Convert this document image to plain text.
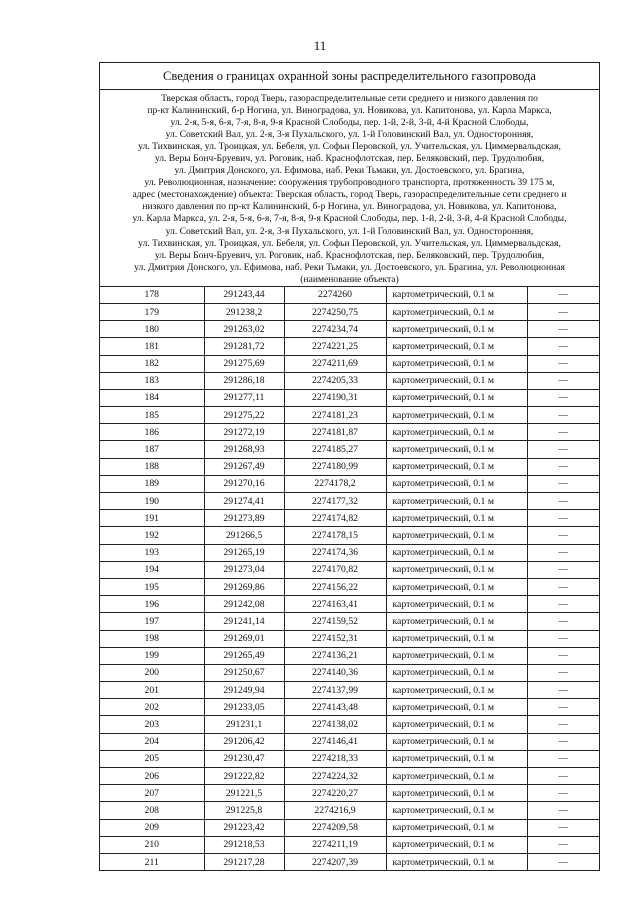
11
Сведения о границах охранной зоны распределительного газопровода
Тверская область, город Тверь, газораспределительные сети среднего и низкого давления по
пр-кт Калининский, б-р Ногина, ул. Виноградова, ул. Новикова, ул. Капитонова, ул. Карла Маркса,
ул. 2-я, 5-я, 6-я, 7-я, 8-я, 9-я Красной Слободы, пер. 1-й, 2-й, 3-й, 4-й Красной Слободы,
ул. Советский Вал, ул. 2-я, 3-я Пухальского, ул. 1-й Головинский Вал, ул. Односторонняя,
ул. Тихвинская, ул. Троицкая, ул. Бебеля, ул. Софьи Перовской, ул. Учительская, ул. Циммервальдская,
ул. Веры Бонч-Бруевич, ул. Роговик, наб. Краснофлотская, пер. Беляковский, пер. Трудолюбия,
ул. Дмитрия Донского, ул. Ефимова, наб. Реки Тьмаки, ул. Достоевского, ул. Брагина,
ул. Революционная, назначение: сооружения трубопроводного транспорта, протяженность 39 175 м,
адрес (местонахождение) объекта: Тверская область, город Тверь, газораспределительные сети среднего и
низкого давления по пр-кт Калининский, б-р Ногина, ул. Виноградова, ул. Новикова, ул. Капитонова,
ул. Карла Маркса, ул. 2-я, 5-я, 6-я, 7-я, 8-я, 9-я Красной Слободы, пер. 1-й, 2-й, 3-й, 4-й Красной Слободы,
ул. Советский Вал, ул. 2-я, 3-я Пухальского, ул. 1-й Головинский Вал, ул. Односторонняя,
ул. Тихвинская, ул. Троицкая, ул. Бебеля, ул. Софьи Перовской, ул. Учительская, ул. Циммервальдская,
ул. Веры Бонч-Бруевич, ул. Роговик, наб. Краснофлотская, пер. Беляковский, пер. Трудолюбия,
ул. Дмитрия Донского, ул. Ефимова, наб. Реки Тьмаки, ул. Достоевского, ул. Брагина, ул. Революционная
(наименование объекта)
178	291243,44	2274260	картометрический, 0.1 м	—
179	291238,2	2274250,75	картометрический, 0.1 м	—
180	291263,02	2274234,74	картометрический, 0.1 м	—
181	291281,72	2274221,25	картометрический, 0.1 м	—
182	291275,69	2274211,69	картометрический, 0.1 м	—
183	291286,18	2274205,33	картометрический, 0.1 м	—
184	291277,11	2274190,31	картометрический, 0.1 м	—
185	291275,22	2274181,23	картометрический, 0.1 м	—
186	291272,19	2274181,87	картометрический, 0.1 м	—
187	291268,93	2274185,27	картометрический, 0.1 м	—
188	291267,49	2274180,99	картометрический, 0.1 м	—
189	291270,16	2274178,2	картометрический, 0.1 м	—
190	291274,41	2274177,32	картометрический, 0.1 м	—
191	291273,89	2274174,82	картометрический, 0.1 м	—
192	291266,5	2274178,15	картометрический, 0.1 м	—
193	291265,19	2274174,36	картометрический, 0.1 м	—
194	291273,04	2274170,82	картометрический, 0.1 м	—
195	291269,86	2274156,22	картометрический, 0.1 м	—
196	291242,08	2274163,41	картометрический, 0.1 м	—
197	291241,14	2274159,52	картометрический, 0.1 м	—
198	291269,01	2274152,31	картометрический, 0.1 м	—
199	291265,49	2274136,21	картометрический, 0.1 м	—
200	291250,67	2274140,36	картометрический, 0.1 м	—
201	291249,94	2274137,99	картометрический, 0.1 м	—
202	291233,05	2274143,48	картометрический, 0.1 м	—
203	291231,1	2274138,02	картометрический, 0.1 м	—
204	291206,42	2274146,41	картометрический, 0.1 м	—
205	291230,47	2274218,33	картометрический, 0.1 м	—
206	291222,82	2274224,32	картометрический, 0.1 м	—
207	291221,5	2274220,27	картометрический, 0.1 м	—
208	291225,8	2274216,9	картометрический, 0.1 м	—
209	291223,42	2274209,58	картометрический, 0.1 м	—
210	291218,53	2274211,19	картометрический, 0.1 м	—
211	291217,28	2274207,39	картометрический, 0.1 м	—
